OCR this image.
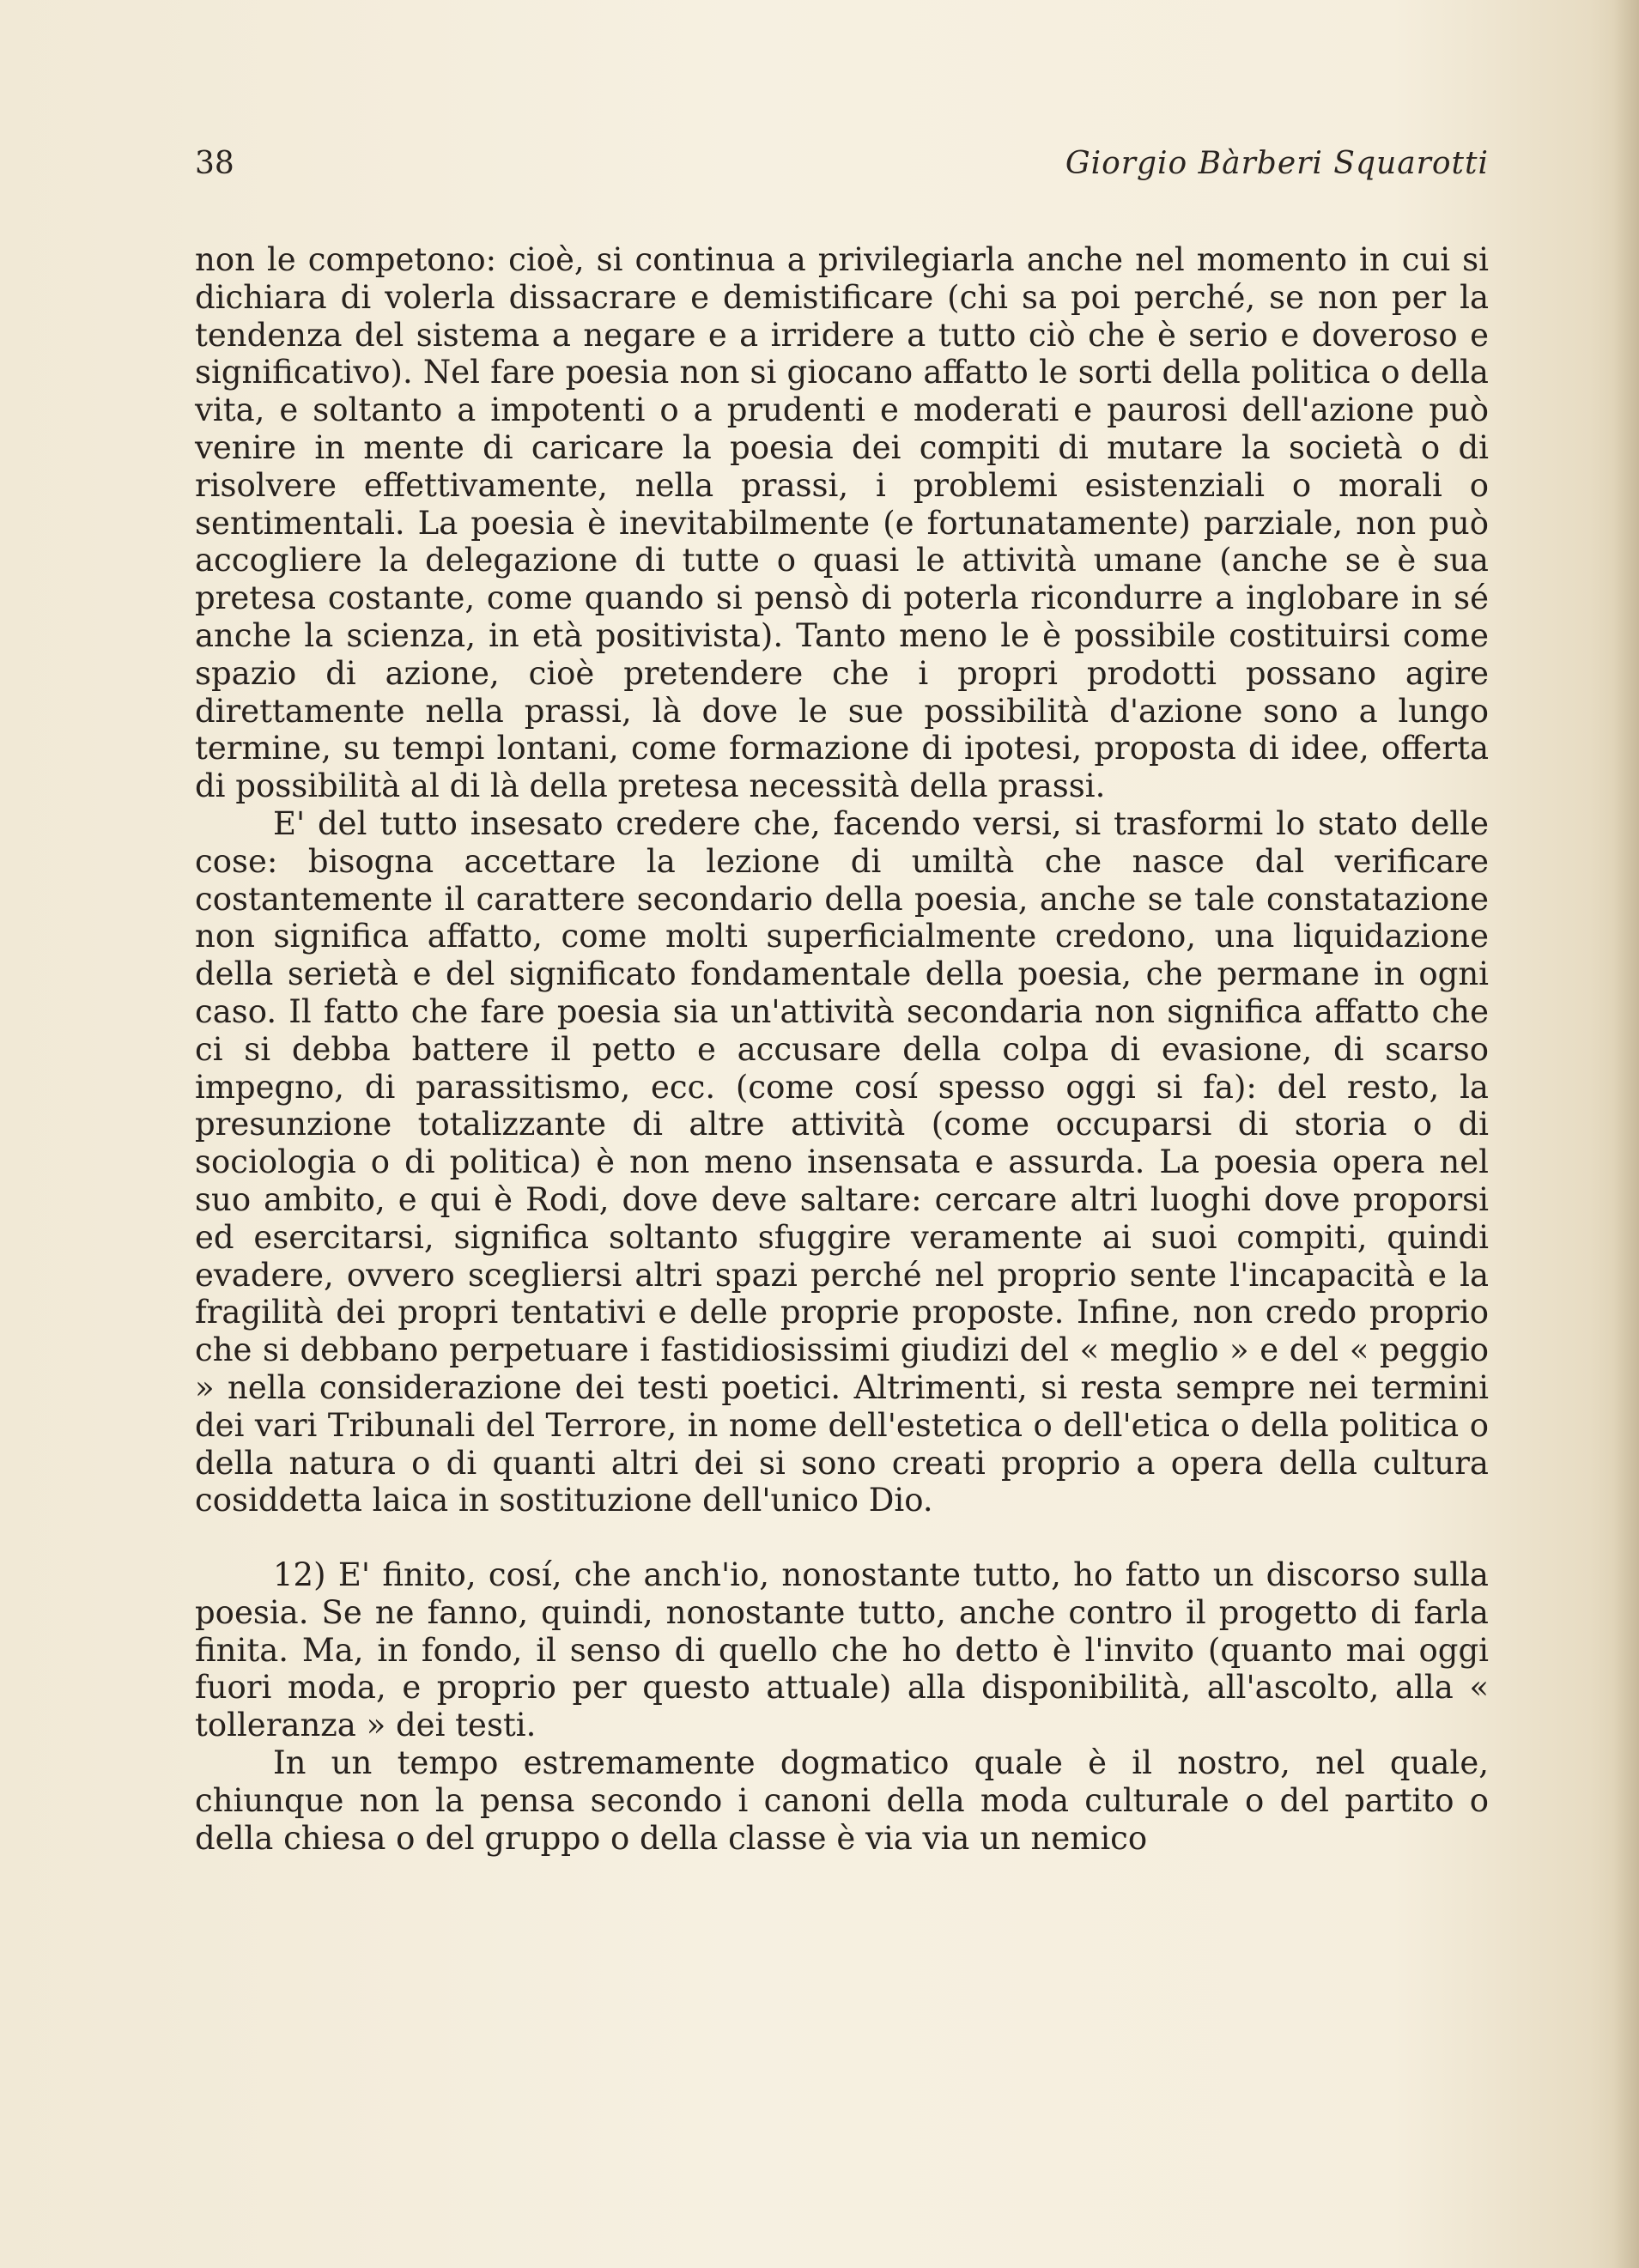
38	Giorgio Bàrberi Squarotti

non le competono: cioè, si continua a privilegiarla anche nel momento in cui si dichiara di volerla dissacrare e demistificare (chi sa poi perché, se non per la tendenza del sistema a negare e a irridere a tutto ciò che è serio e doveroso e significativo). Nel fare poesia non si giocano affatto le sorti della politica o della vita, e soltanto a impotenti o a prudenti e moderati e paurosi dell'azione può venire in mente di caricare la poesia dei compiti di mutare la società o di risolvere effettivamente, nella prassi, i problemi esistenziali o morali o sentimentali. La poesia è inevitabilmente (e fortunatamente) parziale, non può accogliere la delegazione di tutte o quasi le attività umane (anche se è sua pretesa costante, come quando si pensò di poterla ricondurre a inglobare in sé anche la scienza, in età positivista). Tanto meno le è possibile costituirsi come spazio di azione, cioè pretendere che i propri prodotti possano agire direttamente nella prassi, là dove le sue possibilità d'azione sono a lungo termine, su tempi lontani, come formazione di ipotesi, proposta di idee, offerta di possibilità al di là della pretesa necessità della prassi.

E' del tutto insesato credere che, facendo versi, si trasformi lo stato delle cose: bisogna accettare la lezione di umiltà che nasce dal verificare costantemente il carattere secondario della poesia, anche se tale constatazione non significa affatto, come molti superficialmente credono, una liquidazione della serietà e del significato fondamentale della poesia, che permane in ogni caso. Il fatto che fare poesia sia un'attività secondaria non significa affatto che ci si debba battere il petto e accusare della colpa di evasione, di scarso impegno, di parassitismo, ecc. (come cosí spesso oggi si fa): del resto, la presunzione totalizzante di altre attività (come occuparsi di storia o di sociologia o di politica) è non meno insensata e assurda. La poesia opera nel suo ambito, e qui è Rodi, dove deve saltare: cercare altri luoghi dove proporsi ed esercitarsi, significa soltanto sfuggire veramente ai suoi compiti, quindi evadere, ovvero scegliersi altri spazi perché nel proprio sente l'incapacità e la fragilità dei propri tentativi e delle proprie proposte. Infine, non credo proprio che si debbano perpetuare i fastidiosissimi giudizi del « meglio » e del « peggio » nella considerazione dei testi poetici. Altrimenti, si resta sempre nei termini dei vari Tribunali del Terrore, in nome dell'estetica o dell'etica o della politica o della natura o di quanti altri dei si sono creati proprio a opera della cultura cosiddetta laica in sostituzione dell'unico Dio.

12) E' finito, cosí, che anch'io, nonostante tutto, ho fatto un discorso sulla poesia. Se ne fanno, quindi, nonostante tutto, anche contro il progetto di farla finita. Ma, in fondo, il senso di quello che ho detto è l'invito (quanto mai oggi fuori moda, e proprio per questo attuale) alla disponibilità, all'ascolto, alla « tolleranza » dei testi.

In un tempo estremamente dogmatico quale è il nostro, nel quale, chiunque non la pensa secondo i canoni della moda culturale o del partito o della chiesa o del gruppo o della classe è via via un nemico
